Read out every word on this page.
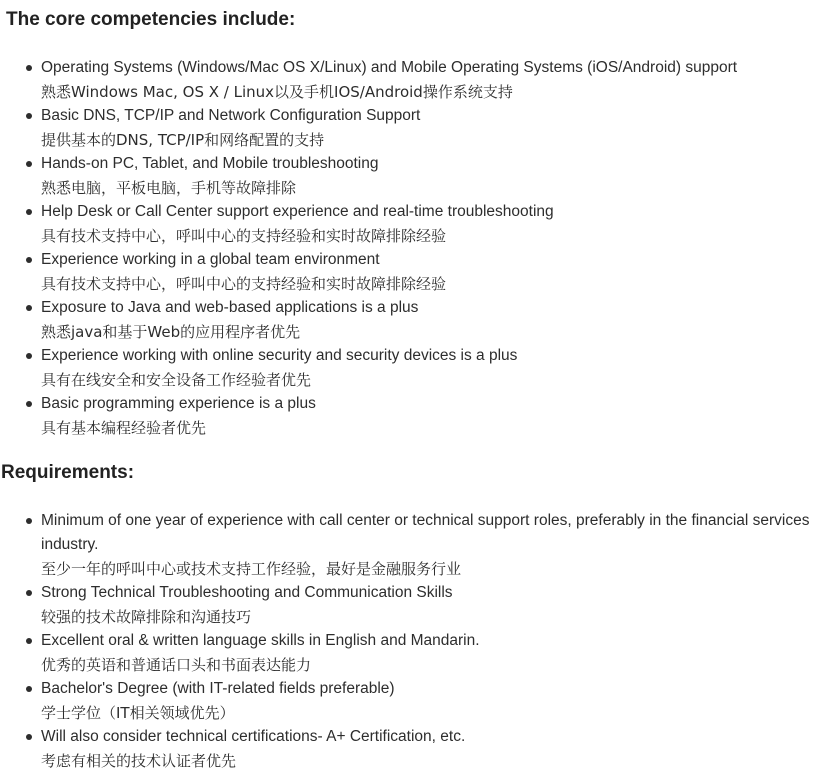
The core competencies include:
Operating Systems (Windows/Mac OS X/Linux) and Mobile Operating Systems (iOS/Android) support
熟悉Windows Mac, OS X / Linux以及手机IOS/Android操作系统支持
Basic DNS, TCP/IP and Network Configuration Support
提供基本的DNS, TCP/IP和网络配置的支持
Hands-on PC, Tablet, and Mobile troubleshooting
熟悉电脑，平板电脑，手机等故障排除
Help Desk or Call Center support experience and real-time troubleshooting
具有技术支持中心，呼叫中心的支持经验和实时故障排除经验
Experience working in a global team environment
具有技术支持中心，呼叫中心的支持经验和实时故障排除经验
Exposure to Java and web-based applications is a plus
熟悉java和基于Web的应用程序者优先
Experience working with online security and security devices is a plus
具有在线安全和安全设备工作经验者优先
Basic programming experience is a plus
具有基本编程经验者优先
Requirements:
Minimum of one year of experience with call center or technical support roles, preferably in the financial services industry.
至少一年的呼叫中心或技术支持工作经验，最好是金融服务行业
Strong Technical Troubleshooting and Communication Skills
较强的技术故障排除和沟通技巧
Excellent oral & written language skills in English and Mandarin.
优秀的英语和普通话口头和书面表达能力
Bachelor's Degree (with IT-related fields preferable)
学士学位（IT相关领域优先）
Will also consider technical certifications- A+ Certification, etc.
考虑有相关的技术认证者优先
